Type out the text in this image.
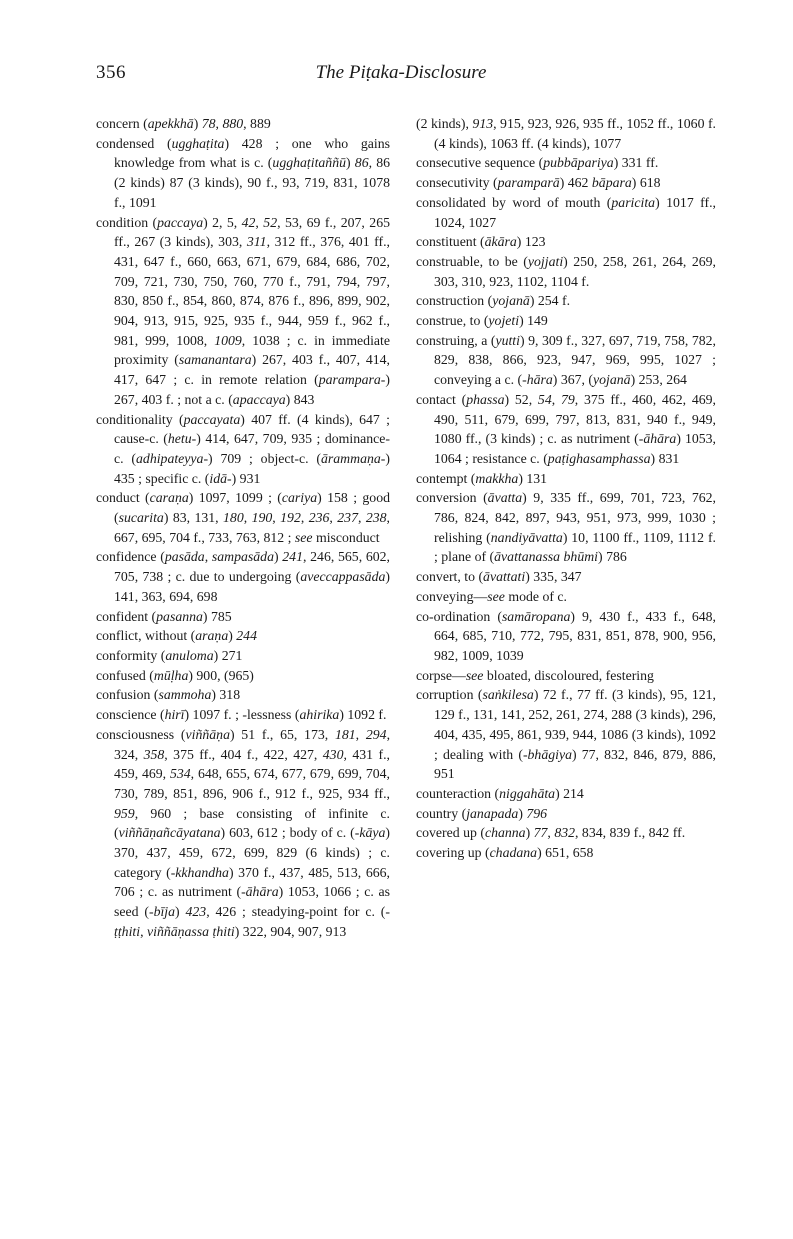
356	The Piṭaka-Disclosure
concern (apekkhā) 78, 880, 889
condensed (ugghaṭita) 428 ; one who gains knowledge from what is c. (ugghaṭitaññū) 86, 86 (2 kinds) 87 (3 kinds), 90 f., 93, 719, 831, 1078 f., 1091
condition (paccaya) 2, 5, 42, 52, 53, 69 f., 207, 265 ff., 267 (3 kinds), 303, 311, 312 ff., 376, 401 ff., 431, 647 f., 660, 663, 671, 679, 684, 686, 702, 709, 721, 730, 750, 760, 770 f., 791, 794, 797, 830, 850 f., 854, 860, 874, 876 f., 896, 899, 902, 904, 913, 915, 925, 935 f., 944, 959 f., 962 f., 981, 999, 1008, 1009, 1038 ; c. in immediate proximity (samanantara) 267, 403 f., 407, 414, 417, 647 ; c. in remote relation (parampara-) 267, 403 f. ; not a c. (apaccaya) 843
conditionality (paccayata) 407 ff. (4 kinds), 647 ; cause-c. (hetu-) 414, 647, 709, 935 ; dominance-c. (adhipateyya-) 709 ; object-c. (ārammaṇa-) 435 ; specific c. (idā-) 931
conduct (caraṇa) 1097, 1099 ; (cariya) 158 ; good (sucarita) 83, 131, 180, 190, 192, 236, 237, 238, 667, 695, 704 f., 733, 763, 812 ; see misconduct
confidence (pasāda, sampasāda) 241, 246, 565, 602, 705, 738 ; c. due to undergoing (aveccappasāda) 141, 363, 694, 698
confident (pasanna) 785
conflict, without (araṇa) 244
conformity (anuloma) 271
confused (mūḷha) 900, (965)
confusion (sammoha) 318
conscience (hirī) 1097 f. ; -lessness (ahirika) 1092 f.
consciousness (viññāṇa) 51 f., 65, 173, 181, 294, 324, 358, 375 ff., 404 f., 422, 427, 430, 431 f., 459, 469, 534, 648, 655, 674, 677, 679, 699, 704, 730, 789, 851, 896, 906 f., 912 f., 925, 934 ff., 959, 960 ; base consisting of infinite c. (viññāṇañcāyatana) 603, 612 ; body of c. (-kāya) 370, 437, 459, 672, 699, 829 (6 kinds) ; c. category (-kkhandha) 370 f., 437, 485, 513, 666, 706 ; c. as nutriment (-āhāra) 1053, 1066 ; c. as seed (-bīja) 423, 426 ; steadying-point for c. (-ṭṭhiti, viññāṇassa ṭhiti) 322, 904, 907, 913
(2 kinds), 913, 915, 923, 926, 935 ff., 1052 ff., 1060 f. (4 kinds), 1063 ff. (4 kinds), 1077
consecutive sequence (pubbāpariya) 331 ff.
consecutivity (paramparā) 462 bāpara) 618
consolidated by word of mouth (paricita) 1017 ff., 1024, 1027
constituent (ākāra) 123
construable, to be (yojjati) 250, 258, 261, 264, 269, 303, 310, 923, 1102, 1104 f.
construction (yojanā) 254 f.
construe, to (yojeti) 149
construing, a (yutti) 9, 309 f., 327, 697, 719, 758, 782, 829, 838, 866, 923, 947, 969, 995, 1027 ; conveying a c. (-hāra) 367, (yojanā) 253, 264
contact (phassa) 52, 54, 79, 375 ff., 460, 462, 469, 490, 511, 679, 699, 797, 813, 831, 940 f., 949, 1080 ff., (3 kinds) ; c. as nutriment (-āhāra) 1053, 1064 ; resistance c. (paṭighasamphassa) 831
contempt (makkha) 131
conversion (āvatta) 9, 335 ff., 699, 701, 723, 762, 786, 824, 842, 897, 943, 951, 973, 999, 1030 ; relishing (nandiyāvatta) 10, 1100 ff., 1109, 1112 f. ; plane of (āvattanassa bhūmi) 786
convert, to (āvattati) 335, 347
conveying—see mode of c.
co-ordination (samāropana) 9, 430 f., 433 f., 648, 664, 685, 710, 772, 795, 831, 851, 878, 900, 956, 982, 1009, 1039
corpse—see bloated, discoloured, festering
corruption (saṅkilesa) 72 f., 77 ff. (3 kinds), 95, 121, 129 f., 131, 141, 252, 261, 274, 288 (3 kinds), 296, 404, 435, 495, 861, 939, 944, 1086 (3 kinds), 1092 ; dealing with (-bhāgiya) 77, 832, 846, 879, 886, 951
counteraction (niggahāta) 214
country (janapada) 796
covered up (channa) 77, 832, 834, 839 f., 842 ff.
covering up (chadana) 651, 658
